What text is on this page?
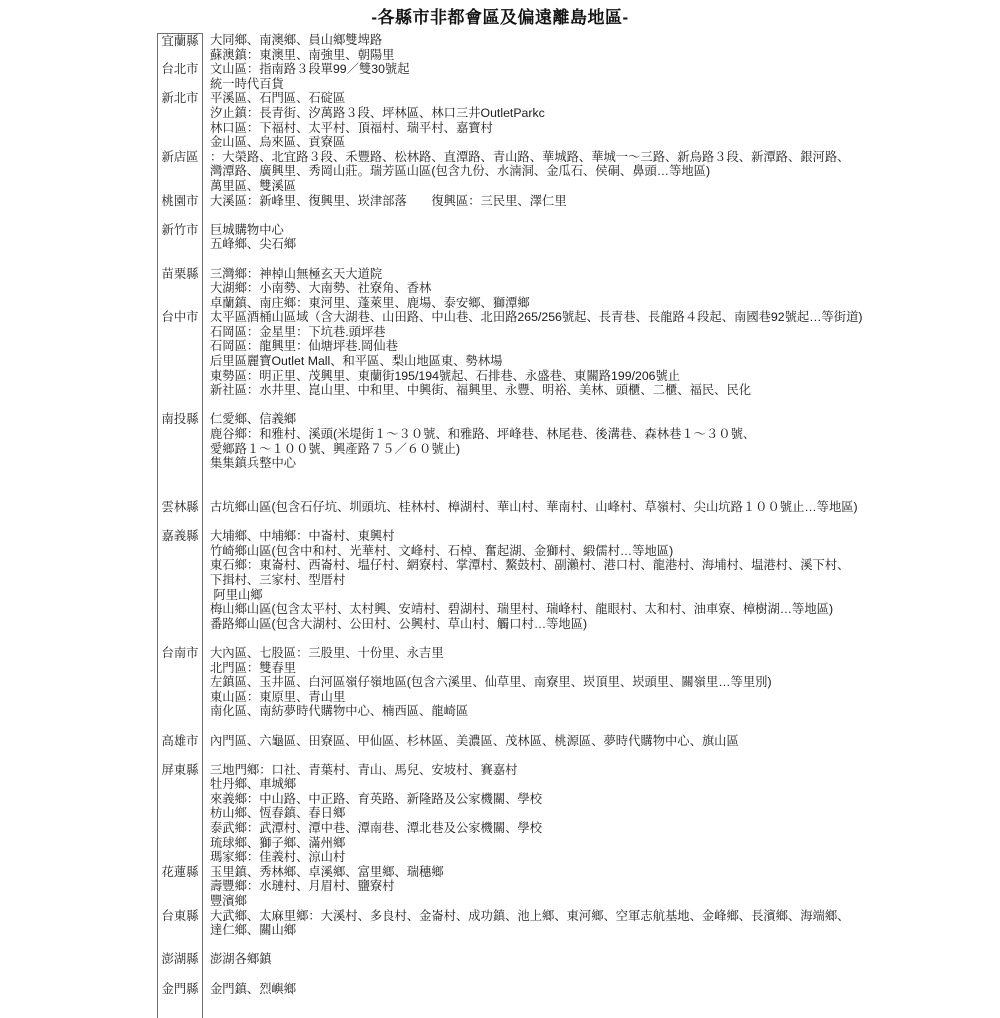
-各縣市非都會區及偏遠離島地區-
宜蘭縣 大同鄉、南澳鄉、員山鄉雙埤路
蘇澳鎮：東澳里、南強里、朝陽里
台北市 文山區：指南路３段單99／雙30號起
統一時代百貨
新北市 平溪區、石門區、石碇區
汐止鎮：長青街、汐萬路３段、坪林區、林口三井OutletParkc
林口區：下福村、太平村、頂福村、瑞平村、嘉寶村
金山區、烏來區、貢寮區
新店區 ：大榮路、北宜路３段、禾豐路、松林路、直潭路、青山路、華城路、華城一～三路、新烏路３段、新潭路、銀河路、
灣潭路、廣興里、秀岡山莊。瑞芳區山區(包含九份、水湳洞、金瓜石、侯硐、鼻頭…等地區)
萬里區、雙溪區
桃園市 大溪區：新峰里、復興里、崁津部落　　復興區：三民里、澤仁里
新竹市 巨城購物中心
五峰鄉、尖石鄉
苗栗縣 三灣鄉：神棹山無極玄天大道院
大湖鄉：小南勢、大南勢、社寮角、香林
卓蘭鎮、南庄鄉：東河里、蓬萊里、鹿場、泰安鄉、獅潭鄉
台中市 太平區酒桶山區域（含大湖巷、山田路、中山巷、北田路265/256號起、長青巷、長龍路４段起、南國巷92號起…等街道)
石岡區：金星里：下坑巷.頭坪巷
石岡區：龍興里：仙塘坪巷.岡仙巷
后里區麗寶Outlet Mall、和平區、梨山地區東、勢林場
東勢區：明正里、茂興里、東蘭街195/194號起、石排巷、永盛巷、東關路199/206號止
新社區：水井里、崑山里、中和里、中興街、福興里、永豐、明裕、美林、頭櫃、二櫃、福民、民化
南投縣 仁愛鄉、信義鄉
鹿谷鄉：和雅村、溪頭(米堤街１～３０號、和雅路、坪峰巷、林尾巷、後溝巷、森林巷１～３０號、
愛鄉路１～１００號、興產路７５／６０號止)
集集鎮兵整中心
雲林縣 古坑鄉山區(包含石仔坑、圳頭坑、桂林村、樟湖村、華山村、華南村、山峰村、草嶺村、尖山坑路１００號止…等地區)
嘉義縣 大埔鄉、中埔鄉：中崙村、東興村
竹崎鄉山區(包含中和村、光華村、文峰村、石棹、奮起湖、金獅村、緞儒村…等地區)
東石鄉：東崙村、西崙村、塭仔村、網寮村、掌潭村、鰲鼓村、副瀨村、港口村、龍港村、海埔村、塭港村、溪下村、
下揖村、三家村、型厝村
阿里山鄉
梅山鄉山區(包含太平村、太村興、安靖村、碧湖村、瑞里村、瑞峰村、龍眼村、太和村、油車寮、樟樹湖…等地區)
番路鄉山區(包含大湖村、公田村、公興村、草山村、觸口村…等地區)
台南市 大內區、七股區：三股里、十份里、永吉里
北門區：雙春里
左鎮區、玉井區、白河區嶺仔嶺地區(包含六溪里、仙草里、南寮里、崁頂里、崁頭里、關嶺里…等里別)
東山區：東原里、青山里
南化區、南紡夢時代購物中心、楠西區、龍崎區
高雄市 內門區、六龜區、田寮區、甲仙區、杉林區、美濃區、茂林區、桃源區、夢時代購物中心、旗山區
屏東縣 三地門鄉：口社、青葉村、青山、馬兒、安坡村、賽嘉村
牡丹鄉、車城鄉
來義鄉：中山路、中正路、育英路、新隆路及公家機關、學校
枋山鄉、恆春鎮、春日鄉
泰武鄉：武潭村、潭中巷、潭南巷、潭北巷及公家機關、學校
琉球鄉、獅子鄉、滿州鄉
瑪家鄉：佳義村、涼山村
花蓮縣 玉里鎮、秀林鄉、卓溪鄉、富里鄉、瑞穗鄉
壽豐鄉：水璉村、月眉村、鹽寮村
豐濱鄉
台東縣 大武鄉、太麻里鄉：大溪村、多良村、金崙村、成功鎮、池上鄉、東河鄉、空軍志航基地、金峰鄉、長濱鄉、海端鄉、
達仁鄉、關山鄉
澎湖縣 澎湖各鄉鎮
金門縣 金門鎮、烈嶼鄉
